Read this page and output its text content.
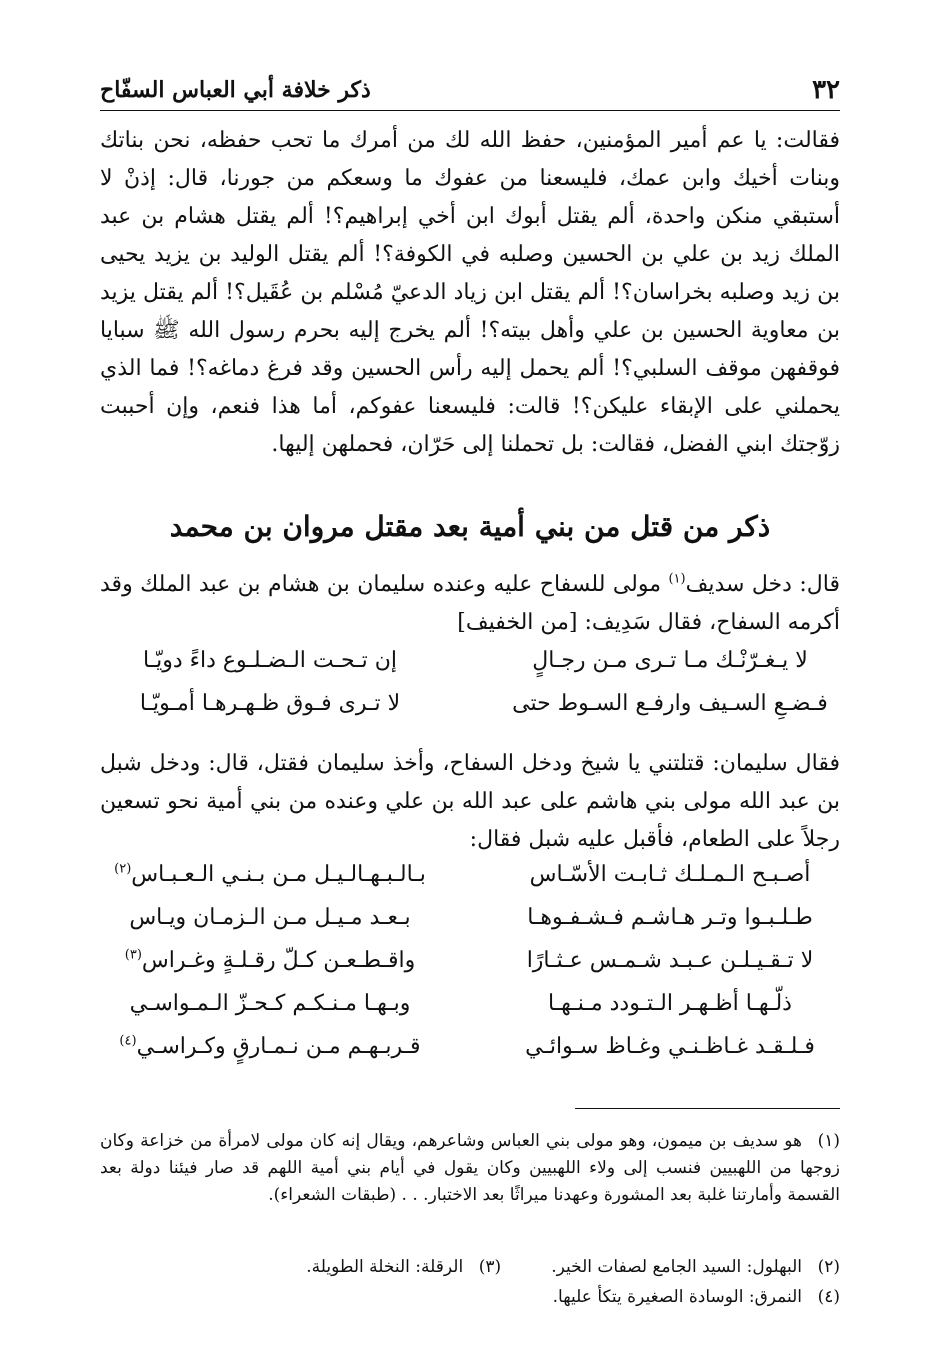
٣٢
ذكر خلافة أبي العباس السفّاح

فقالت: يا عم أمير المؤمنين، حفظ الله لك من أمرك ما تحب حفظه، نحن بناتك وبنات أخيك وابن عمك، فليسعنا من عفوك ما وسعكم من جورنا، قال: إذنْ لا أستبقي منكن واحدة، ألم يقتل أبوك ابن أخي إبراهيم؟! ألم يقتل هشام بن عبد الملك زيد بن علي بن الحسين وصلبه في الكوفة؟! ألم يقتل الوليد بن يزيد يحيى بن زيد وصلبه بخراسان؟! ألم يقتل ابن زياد الدعيّ مُسْلم بن عُقَيل؟! ألم يقتل يزيد بن معاوية الحسين بن علي وأهل بيته؟! ألم يخرج إليه بحرم رسول الله ﷺ سبايا فوقفهن موقف السلبي؟! ألم يحمل إليه رأس الحسين وقد فرغ دماغه؟! فما الذي يحملني على الإبقاء عليكن؟! قالت: فليسعنا عفوكم، أما هذا فنعم، وإن أحببت زوّجتك ابني الفضل، فقالت: بل تحملنا إلى حَرّان، فحملهن إليها.

ذكر من قتل من بني أمية بعد مقتل مروان بن محمد

قال: دخل سديف$^{(١)}$ مولى للسفاح عليه وعنده سليمان بن هشام بن عبد الملك وقد أكرمه السفاح، فقال سَدِيف: [من الخفيف]

لا يـغـرّنْـك مـا تـرى مـن رجـالٍ
إن تـحـت الـضـلـوع داءً دويّـا
فـضـعِ السـيف وارفـع السـوط حتى
لا تـرى فـوق ظـهـرهـا أمـويّـا

فقال سليمان: قتلتني يا شيخ ودخل السفاح، وأخذ سليمان فقتل، قال: ودخل شبل بن عبد الله مولى بني هاشم على عبد الله بن علي وعنده من بني أمية نحو تسعين رجلاً على الطعام، فأقبل عليه شبل فقال:

أصـبـح الـمـلـك ثـابـت الأسّـاس
بـالـبـهـالـيـل مـن بـنـي الـعـبـاس$^{(٢)}$
طـلـبـوا وتـر هـاشـم فـشـفـوهـا
بـعـد مـيـل مـن الـزمـان ويـاس
لا تـقـيـلـن عـبـد شـمـس عـثـارًا
واقـطـعـن كـلّ رقـلـةٍ وغـراس$^{(٣)}$
ذلّـهـا أظـهـر الـتـودد مـنـهـا
وبـهـا مـنـكـم كـحـزّ الـمـواسـي
فـلـقـد غـاظـنـي وغـاظ سـوائـي
قـربـهـم مـن نـمـارقٍ وكـراسـي$^{(٤)}$
(١)هو سديف بن ميمون، وهو مولى بني العباس وشاعرهم، ويقال إنه كان مولى لامرأة من خزاعة وكان زوجها من اللهبيين فنسب إلى ولاء اللهبيين وكان يقول في أيام بني أمية اللهم قد صار فيئنا دولة بعد القسمة وأمارتنا غلبة بعد المشورة وعهدنا ميراثًا بعد الاختبار. . . (طبقات الشعراء).
(٢)
البهلول: السيد الجامع لصفات الخير.
(٣)
الرقلة: النخلة الطويلة.
(٤)
النمرق: الوسادة الصغيرة يتكأ عليها.
